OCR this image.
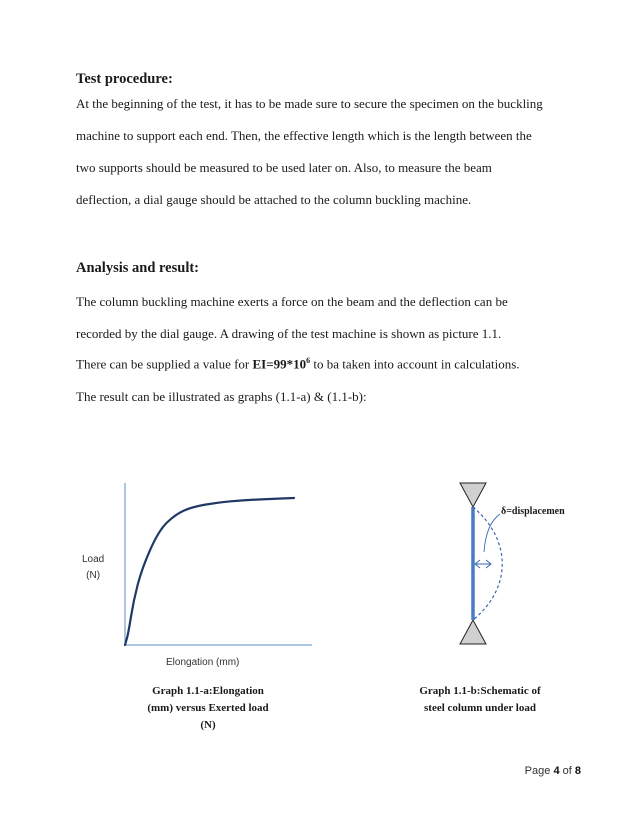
Test procedure:
At the beginning of the test, it has to be made sure to secure the specimen on the buckling
machine to support each end. Then, the effective length which is the length between the
two supports should be measured to be used later on. Also, to measure the beam
deflection, a dial gauge should be attached to the column buckling machine.
Analysis and result:
The column buckling machine exerts a force on the beam and the deflection can be
recorded by the dial gauge. A drawing of the test machine is shown as picture 1.1.
There can be supplied a value for $EI=99*10^6$ to ba taken into account in calculations.
The result can be illustrated as graphs (1.1-a) & (1.1-b):
Load
(N)
Elongation (mm)
Graph 1.1-a:Elongation
(mm) versus Exerted load
(N)
δ=displacemen
Graph 1.1-b:Schematic of
steel column under load
Page 4 of 8
